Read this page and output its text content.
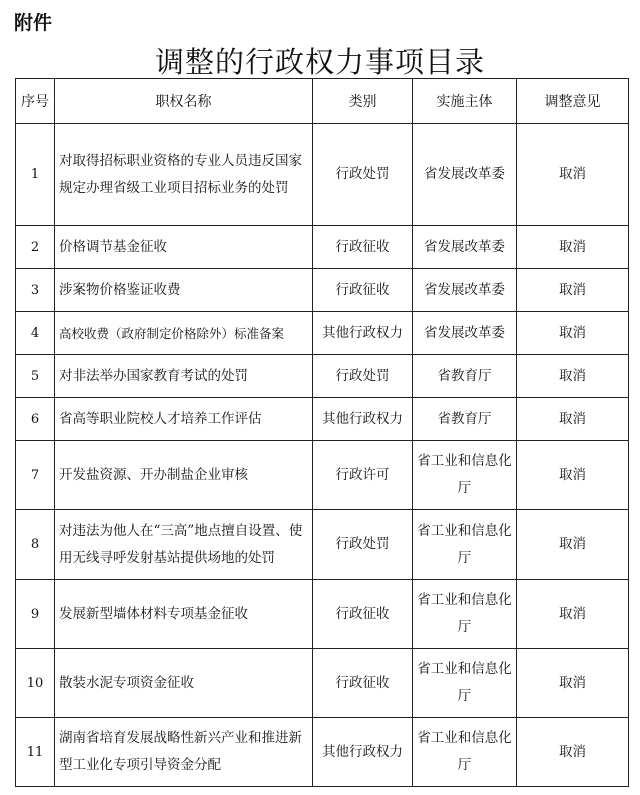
附件
调整的行政权力事项目录
序号	职权名称	类别	实施主体	调整意见
1	对取得招标职业资格的专业人员违反国家规定办理省级工业项目招标业务的处罚	行政处罚	省发展改革委	取消
2	价格调节基金征收	行政征收	省发展改革委	取消
3	涉案物价格鉴证收费	行政征收	省发展改革委	取消
4	高校收费（政府制定价格除外）标准备案	其他行政权力	省发展改革委	取消
5	对非法举办国家教育考试的处罚	行政处罚	省教育厅	取消
6	省高等职业院校人才培养工作评估	其他行政权力	省教育厅	取消
7	开发盐资源、开办制盐企业审核	行政许可	省工业和信息化厅	取消
8	对违法为他人在“三高”地点擅自设置、使用无线寻呼发射基站提供场地的处罚	行政处罚	省工业和信息化厅	取消
9	发展新型墙体材料专项基金征收	行政征收	省工业和信息化厅	取消
10	散装水泥专项资金征收	行政征收	省工业和信息化厅	取消
11	湖南省培育发展战略性新兴产业和推进新型工业化专项引导资金分配	其他行政权力	省工业和信息化厅	取消
